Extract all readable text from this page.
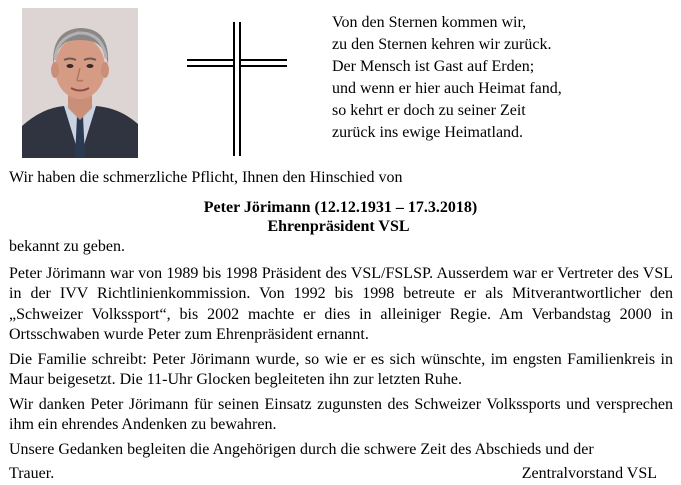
Von den Sternen kommen wir,
zu den Sternen kehren wir zurück.
Der Mensch ist Gast auf Erden;
und wenn er hier auch Heimat fand,
so kehrt er doch zu seiner Zeit
zurück ins ewige Heimatland.
Wir haben die schmerzliche Pflicht, Ihnen den Hinschied von
Peter Jörimann (12.12.1931 – 17.3.2018)
Ehrenpräsident VSL

bekannt zu geben.

Peter Jörimann war von 1989 bis 1998 Präsident des VSL/FSLSP. Ausserdem war er Vertreter des VSL in der IVV Richtlinienkommission. Von 1992 bis 1998 betreute er als Mitverantwortlicher den „Schweizer Volkssport“, bis 2002 machte er dies in alleiniger Regie. Am Verbandstag 2000 in Ortsschwaben wurde Peter zum Ehrenpräsident ernannt.

Die Familie schreibt: Peter Jörimann wurde, so wie er es sich wünschte, im engsten Familienkreis in Maur beigesetzt. Die 11-Uhr Glocken begleiteten ihn zur letzten Ruhe.

Wir danken Peter Jörimann für seinen Einsatz zugunsten des Schweizer Volkssports und versprechen ihm ein ehrendes Andenken zu bewahren.

Unsere Gedanken begleiten die Angehörigen durch die schwere Zeit des Abschieds und der

Trauer.	Zentralvorstand VSL
